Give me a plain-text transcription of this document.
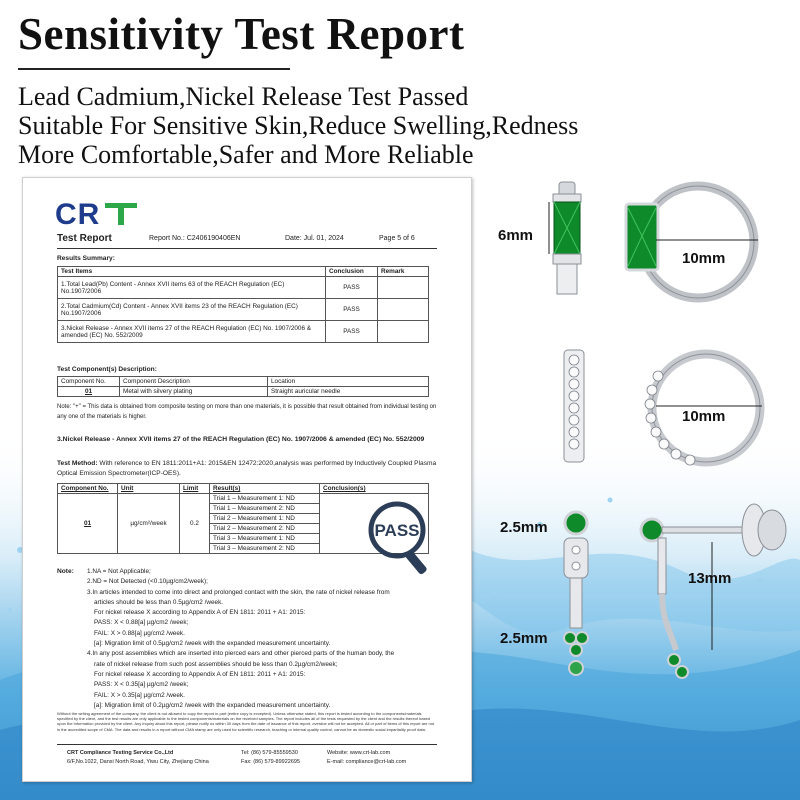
Sensitivity Test Report
Lead Cadmium,Nickel Release Test Passed
Suitable For Sensitive Skin,Reduce Swelling,Redness
More Comfortable,Safer and More Reliable
CR
Test Report	Report No.: C2406190406EN	Date: Jul. 01, 2024	Page 5 of 6
Results Summary:
Test Items	Conclusion	Remark
1.Total Lead(Pb) Content - Annex XVII items 63 of the REACH Regulation (EC) No.1907/2006	PASS	
2.Total Cadmium(Cd) Content - Annex XVII items 23 of the REACH Regulation (EC) No.1907/2006	PASS	
3.Nickel Release - Annex XVII items 27 of the REACH Regulation (EC) No. 1907/2006 & amended (EC) No. 552/2009	PASS	
Test Component(s) Description:
Component No.	Component Description	Location
01	Metal with silvery plating	Straight auricular needle
Note: "+" = This data is obtained from composite testing on more than one materials, it is possible that result obtained from individual testing on any one of the materials is higher.
3.Nickel Release - Annex XVII items 27 of the REACH Regulation (EC) No. 1907/2006 & amended (EC) No. 552/2009
Test Method: With reference to EN 1811:2011+A1: 2015&EN 12472:2020,analysis was performed by Inductively Coupled Plasma Optical Emission Spectrometer(ICP-OES).
Component No.	Unit	Limit	Result(s)	Conclusion(s)
01	µg/cm²/week	0.2	Trial 1 – Measurement 1: ND	
			Trial 1 – Measurement 2: ND	
			Trial 2 – Measurement 1: ND	
			Trial 2 – Measurement 2: ND	
			Trial 3 – Measurement 1: ND	
			Trial 3 – Measurement 2: ND	
PASS
Note: 1.NA = Not Applicable;
2.ND = Not Detected (<0.10µg/cm2/week);
3.In articles intended to come into direct and prolonged contact with the skin, the rate of nickel release from
articles should be less than 0.5µg/cm2 /week.
For nickel release X according to Appendix A of EN 1811: 2011 + A1: 2015:
PASS: X < 0.88[a] µg/cm2 /week;
FAIL: X > 0.88[a] µg/cm2 /week.
[a]: Migration limit of 0.5µg/cm2 /week with the expanded measurement uncertainty.
4.In any post assemblies which are inserted into pierced ears and other pierced parts of the human body, the
rate of nickel release from such post assemblies should be less than 0.2µg/cm2/week;
For nickel release X according to Appendix A of EN 1811: 2011 + A1: 2015:
PASS: X < 0.35[a] µg/cm2 /week;
FAIL: X > 0.35[a] µg/cm2 /week.
[a]: Migration limit of 0.2µg/cm2 /week with the expanded measurement uncertainty.
Without the writing agreement of the company, the client is not allowed to copy the report in part (entire copy is excepted). Unless otherwise stated, this report is tested according to the components/materials specified by the client, and the test results are only applicable to the tested components/materials on the received samples. The report includes all of the tests requested by the client and the results thereof based upon the information provided by the client. Any inquiry about this report, please notify us within 30 days from the date of issuance of this report, overdue will not be accepted. All or part of items of this report are not in the accredited scope of CMA. The data and results in a report without CMA stamp are only used for scientific research, teaching or internal quality control, cannot be as domestic social impartiality proof data.
CRT Compliance Testing Service Co.,Ltd
6/F,No.1022, Danxi North Road, Yiwu City, Zhejiang China
Tel: (86) 579-85559530
Fax: (86) 579-89922695
Website: www.crt-lab.com
E-mail: compliance@crt-lab.com
6mm
10mm
10mm
2.5mm
2.5mm
13mm
